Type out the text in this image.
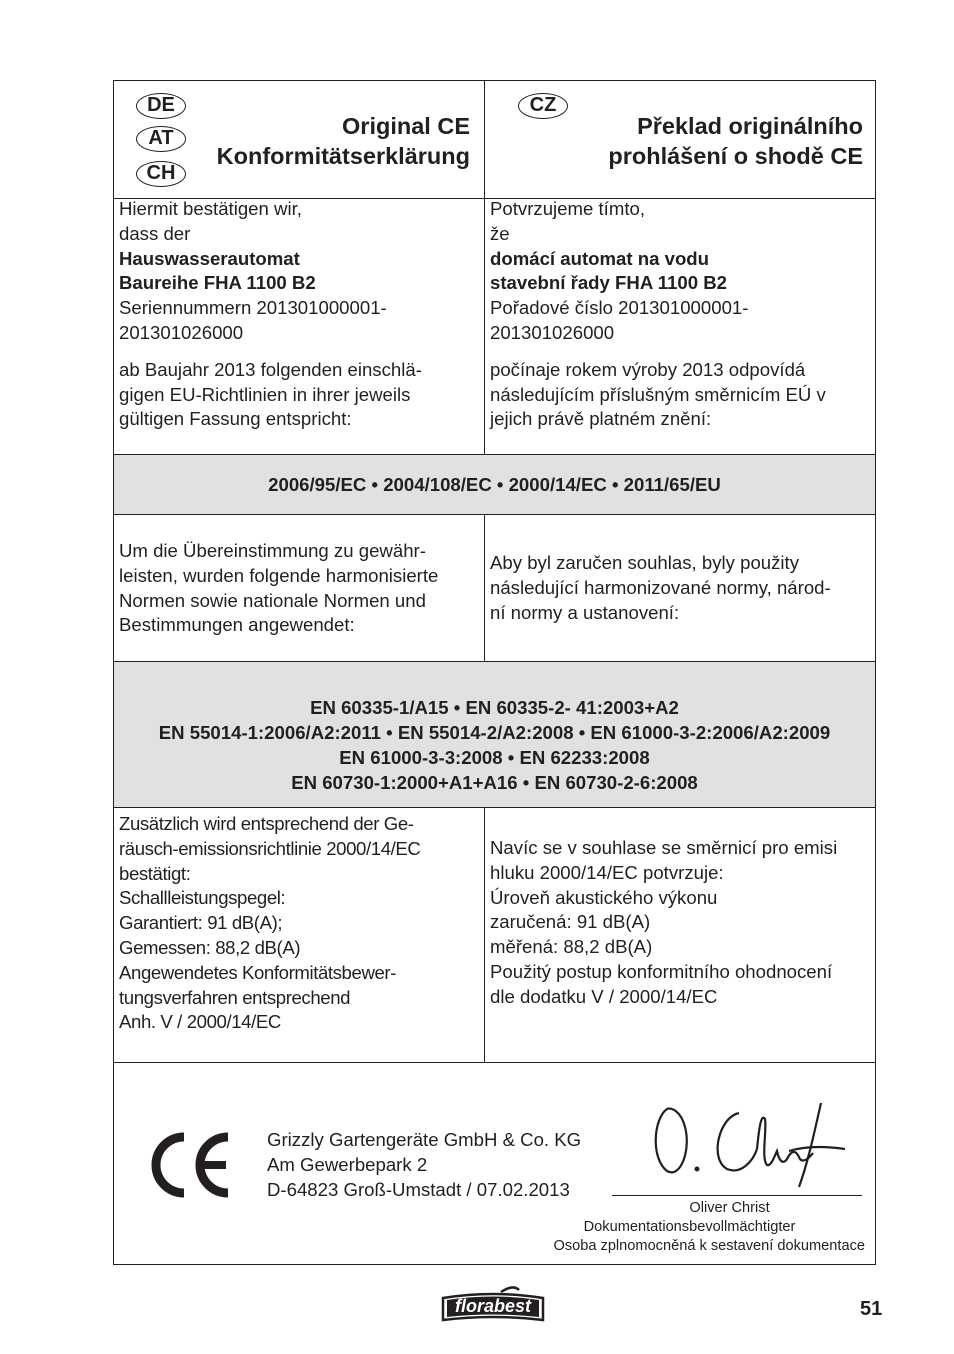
DE
AT
CH
Original CE
Konformitätserklärung
CZ
Překlad originálního
prohlášení o shodě CE
Hiermit bestätigen wir,
dass der
Hauswasserautomat
Baureihe FHA 1100 B2
Seriennummern 201301000001-
201301026000
ab Baujahr 2013 folgenden einschlä-
gigen EU-Richtlinien in ihrer jeweils
gültigen Fassung entspricht:
Potvrzujeme tímto,
že
domácí automat na vodu
stavební řady FHA 1100 B2
Pořadové číslo 201301000001-
201301026000
počínaje rokem výroby 2013 odpovídá
následujícím příslušným směrnicím EÚ v
jejich právě platném znění:
2006/95/EC • 2004/108/EC • 2000/14/EC • 2011/65/EU
Um die Übereinstimmung zu gewähr-
leisten, wurden folgende harmonisierte
Normen sowie nationale Normen und
Bestimmungen angewendet:
Aby byl zaručen souhlas, byly použity
následující harmonizované normy, národ-
ní normy a ustanovení:
EN 60335-1/A15 • EN 60335-2- 41:2003+A2
EN 55014-1:2006/A2:2011 • EN 55014-2/A2:2008 • EN 61000-3-2:2006/A2:2009
EN 61000-3-3:2008 • EN 62233:2008
EN 60730-1:2000+A1+A16 • EN 60730-2-6:2008
Zusätzlich wird entsprechend der Ge-
räusch-emissionsrichtlinie 2000/14/EC
bestätigt:
Schallleistungspegel:
Garantiert: 91 dB(A);
Gemessen: 88,2 dB(A)
Angewendetes Konformitätsbewer-
tungsverfahren entsprechend
Anh. V / 2000/14/EC
Navíc se v souhlase se směrnicí pro emisi
hluku 2000/14/EC potvrzuje:
Úroveň akustického výkonu
zaručená: 91 dB(A)
měřená: 88,2 dB(A)
Použitý postup konformitního ohodnocení
dle dodatku V / 2000/14/EC
Grizzly Gartengeräte GmbH & Co. KG
Am Gewerbepark 2
D-64823 Groß-Umstadt / 07.02.2013
Oliver Christ
Dokumentationsbevollmächtigter
Osoba zplnomocněná k sestavení dokumentace
florabest	51
